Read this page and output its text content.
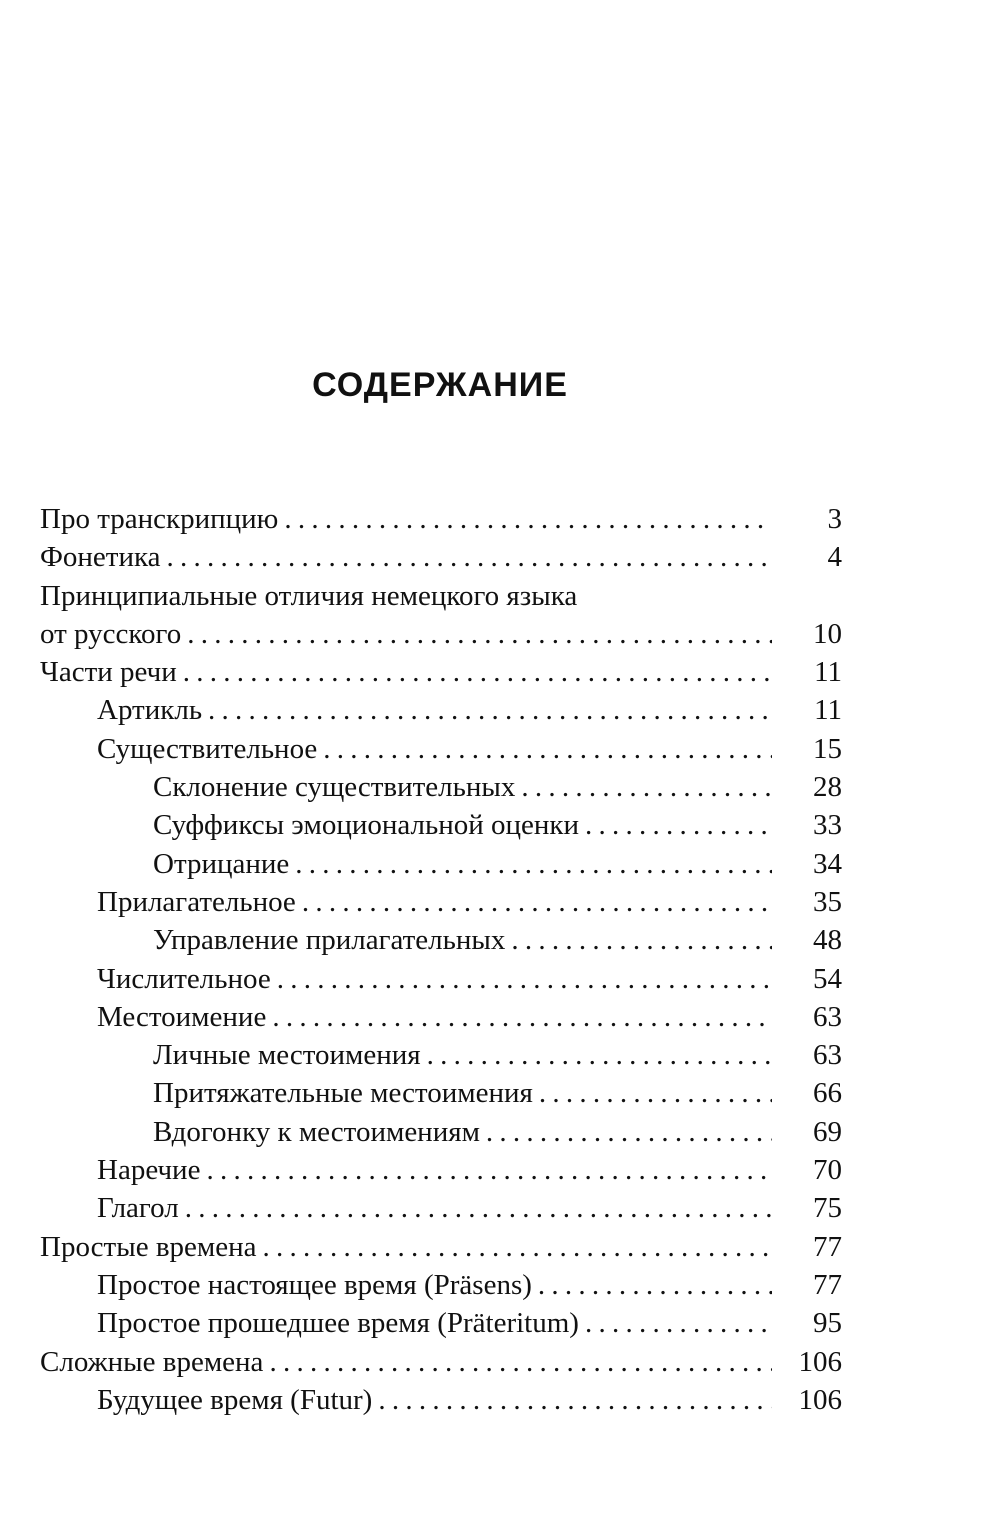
СОДЕРЖАНИЕ
Про транскрипцию . . .	3
Фонетика . . .	4
Принципиальные отличия немецкого языка
от русского . . .	10
Части речи . . .	11
Артикль . . .	11
Существительное . . .	15
Склонение существительных . . .	28
Суффиксы эмоциональной оценки . . .	33
Отрицание . . .	34
Прилагательное . . .	35
Управление прилагательных . . .	48
Числительное . . .	54
Местоимение . . .	63
Личные местоимения . . .	63
Притяжательные местоимения . . .	66
Вдогонку к местоимениям . . .	69
Наречие . . .	70
Глагол . . .	75
Простые времена . . .	77
Простое настоящее время (Präsens) . . .	77
Простое прошедшее время (Präteritum) . . .	95
Сложные времена . . .	106
Будущее время (Futur) . . .	106
